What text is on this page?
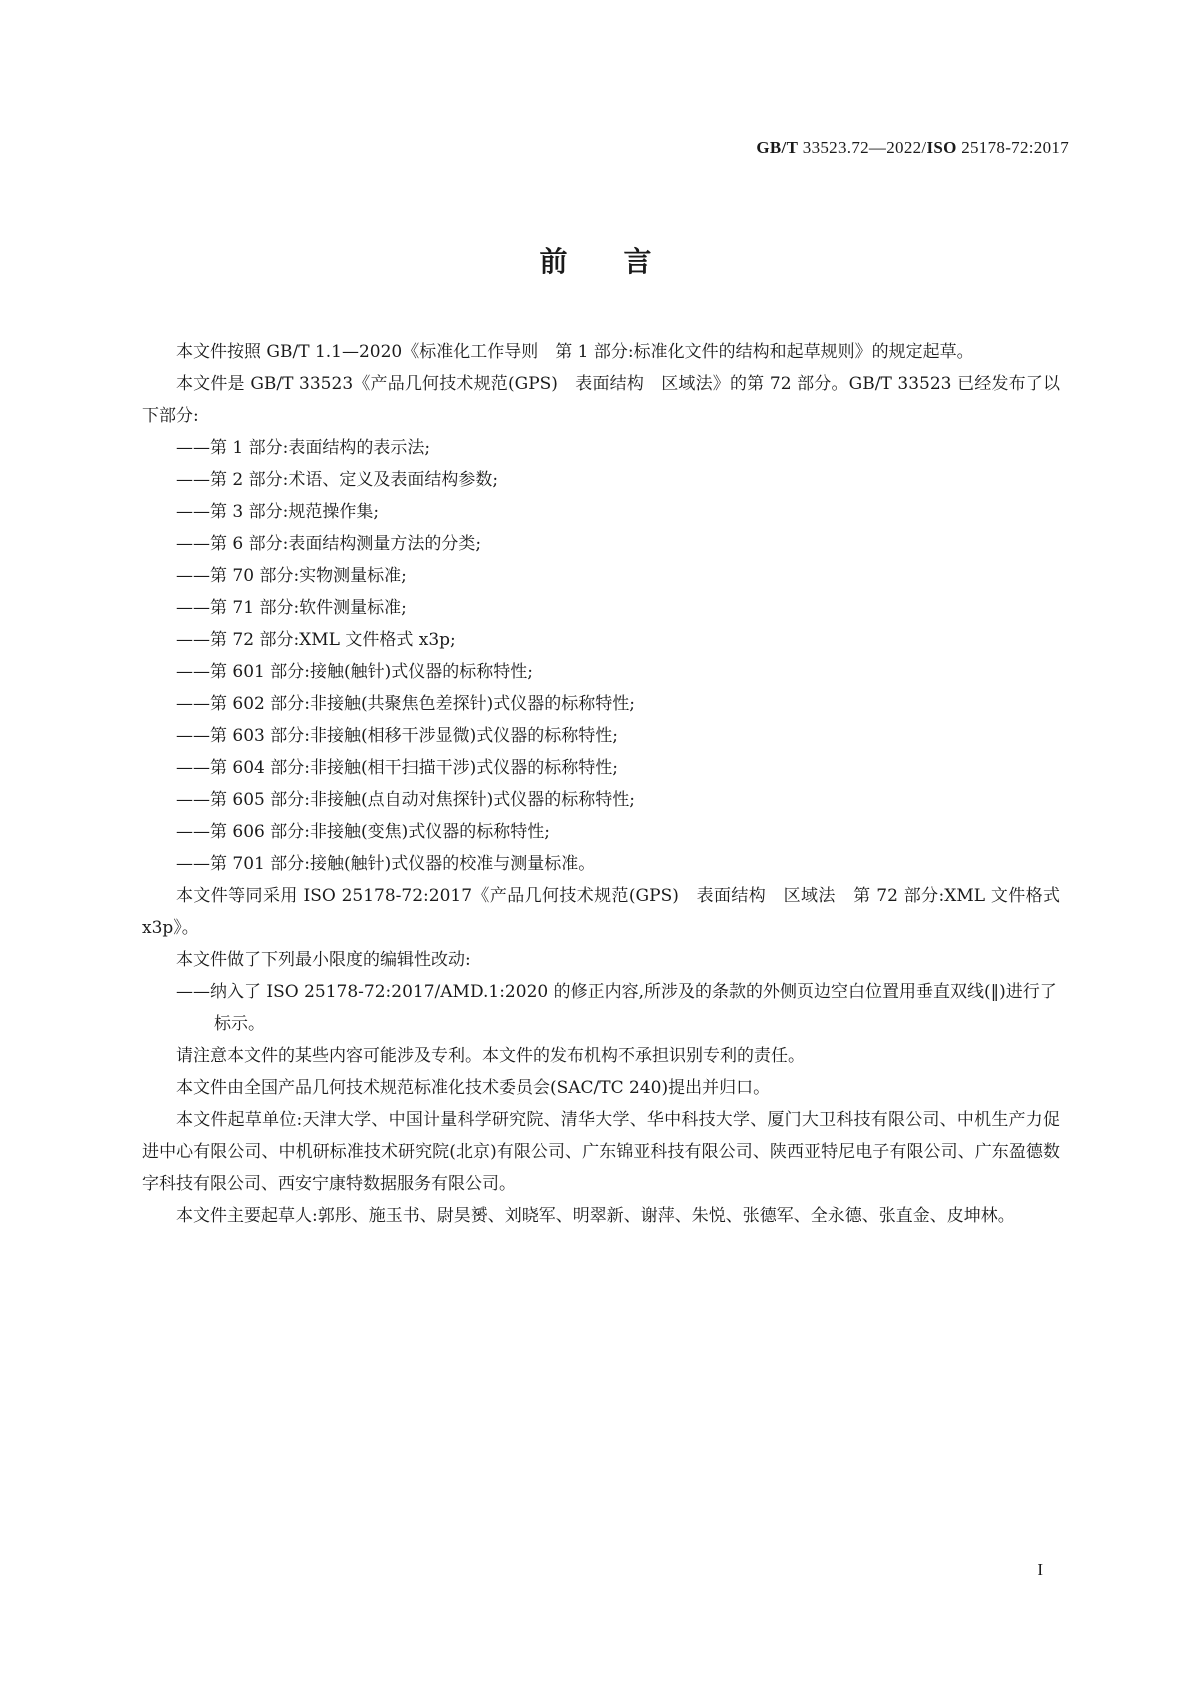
GB/T 33523.72—2022/ISO 25178-72:2017
前言

本文件按照 GB/T 1.1—2020《标准化工作导则　第 1 部分:标准化文件的结构和起草规则》的规定起草。

本文件是 GB/T 33523《产品几何技术规范(GPS)　表面结构　区域法》的第 72 部分。GB/T 33523 已经发布了以下部分:

——第 1 部分:表面结构的表示法;

——第 2 部分:术语、定义及表面结构参数;

——第 3 部分:规范操作集;

——第 6 部分:表面结构测量方法的分类;

——第 70 部分:实物测量标准;

——第 71 部分:软件测量标准;

——第 72 部分:XML 文件格式 x3p;

——第 601 部分:接触(触针)式仪器的标称特性;

——第 602 部分:非接触(共聚焦色差探针)式仪器的标称特性;

——第 603 部分:非接触(相移干涉显微)式仪器的标称特性;

——第 604 部分:非接触(相干扫描干涉)式仪器的标称特性;

——第 605 部分:非接触(点自动对焦探针)式仪器的标称特性;

——第 606 部分:非接触(变焦)式仪器的标称特性;

——第 701 部分:接触(触针)式仪器的校准与测量标准。

本文件等同采用 ISO 25178-72:2017《产品几何技术规范(GPS)　表面结构　区域法　第 72 部分:XML 文件格式 x3p》。

本文件做了下列最小限度的编辑性改动:

——纳入了 ISO 25178-72:2017/AMD.1:2020 的修正内容,所涉及的条款的外侧页边空白位置用垂直双线(‖)进行了标示。

请注意本文件的某些内容可能涉及专利。本文件的发布机构不承担识别专利的责任。

本文件由全国产品几何技术规范标准化技术委员会(SAC/TC 240)提出并归口。

本文件起草单位:天津大学、中国计量科学研究院、清华大学、华中科技大学、厦门大卫科技有限公司、中机生产力促进中心有限公司、中机研标准技术研究院(北京)有限公司、广东锦亚科技有限公司、陕西亚特尼电子有限公司、广东盈德数字科技有限公司、西安宁康特数据服务有限公司。

本文件主要起草人:郭彤、施玉书、尉昊赟、刘晓军、明翠新、谢萍、朱悦、张德军、全永德、张直金、皮坤林。

I
